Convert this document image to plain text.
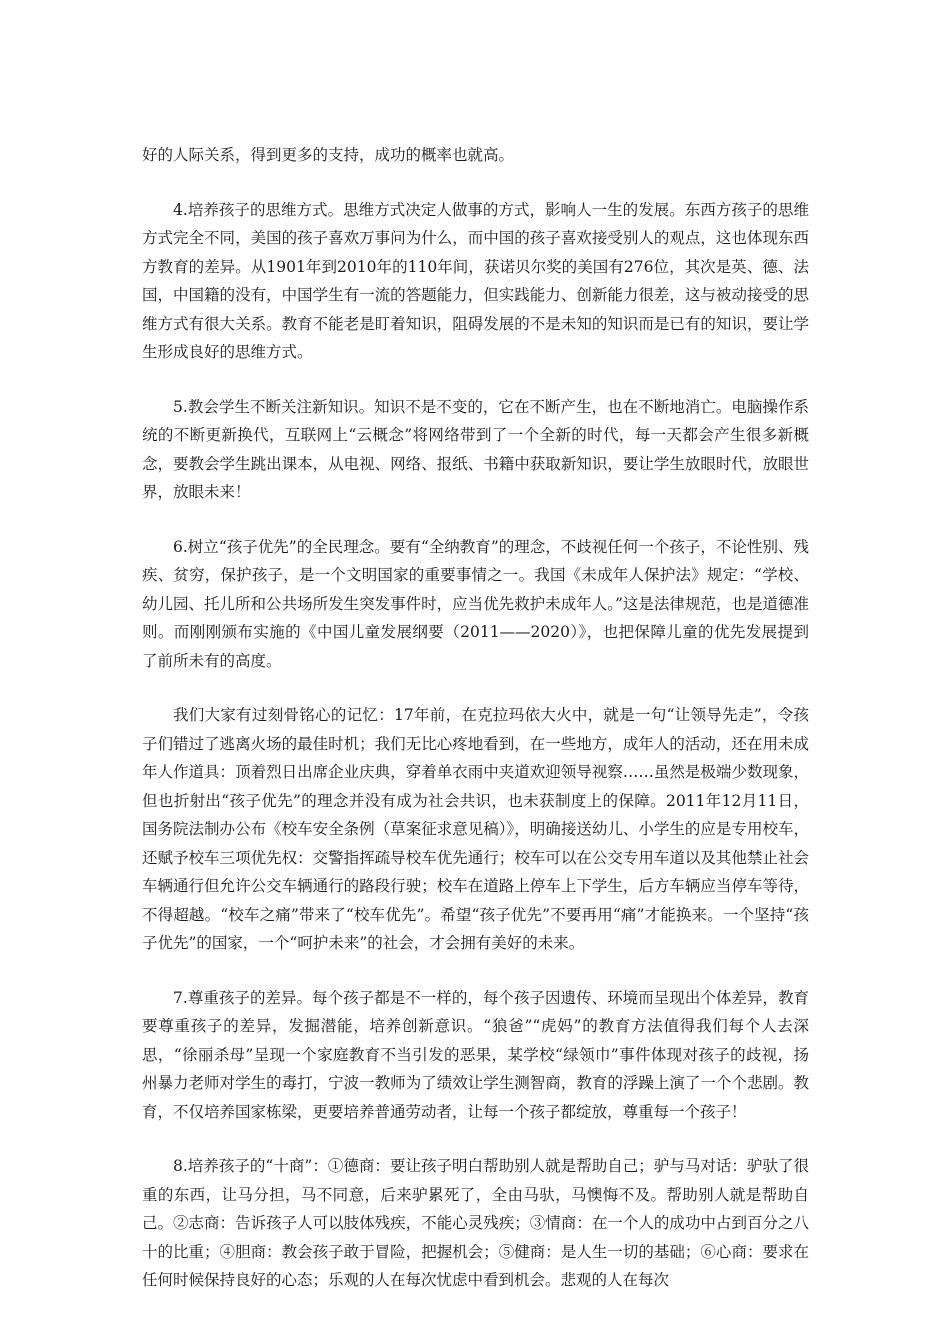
好的人际关系，得到更多的支持，成功的概率也就高。

4.培养孩子的思维方式。思维方式决定人做事的方式，影响人一生的发展。东西方孩子的思维方式完全不同，美国的孩子喜欢万事问为什么，而中国的孩子喜欢接受别人的观点，这也体现东西方教育的差异。从1901年到2010年的110年间，获诺贝尔奖的美国有276位，其次是英、德、法国，中国籍的没有，中国学生有一流的答题能力，但实践能力、创新能力很差，这与被动接受的思维方式有很大关系。教育不能老是盯着知识，阻碍发展的不是未知的知识而是已有的知识，要让学生形成良好的思维方式。

5.教会学生不断关注新知识。知识不是不变的，它在不断产生，也在不断地消亡。电脑操作系统的不断更新换代，互联网上“云概念”将网络带到了一个全新的时代，每一天都会产生很多新概念，要教会学生跳出课本，从电视、网络、报纸、书籍中获取新知识，要让学生放眼时代，放眼世界，放眼未来！

6.树立“孩子优先”的全民理念。要有“全纳教育”的理念，不歧视任何一个孩子，不论性别、残疾、贫穷，保护孩子，是一个文明国家的重要事情之一。我国《未成年人保护法》规定：“学校、幼儿园、托儿所和公共场所发生突发事件时，应当优先救护未成年人。”这是法律规范，也是道德准则。而刚刚颁布实施的《中国儿童发展纲要（2011——2020）》，也把保障儿童的优先发展提到了前所未有的高度。

我们大家有过刻骨铭心的记忆：17年前，在克拉玛依大火中，就是一句“让领导先走”，令孩子们错过了逃离火场的最佳时机；我们无比心疼地看到，在一些地方，成年人的活动，还在用未成年人作道具：顶着烈日出席企业庆典，穿着单衣雨中夹道欢迎领导视察……虽然是极端少数现象，但也折射出“孩子优先”的理念并没有成为社会共识，也未获制度上的保障。2011年12月11日，国务院法制办公布《校车安全条例（草案征求意见稿）》，明确接送幼儿、小学生的应是专用校车，还赋予校车三项优先权：交警指挥疏导校车优先通行；校车可以在公交专用车道以及其他禁止社会车辆通行但允许公交车辆通行的路段行驶；校车在道路上停车上下学生，后方车辆应当停车等待，不得超越。“校车之痛”带来了“校车优先”。希望“孩子优先”不要再用“痛”才能换来。一个坚持“孩子优先”的国家，一个“呵护未来”的社会，才会拥有美好的未来。

7.尊重孩子的差异。每个孩子都是不一样的，每个孩子因遗传、环境而呈现出个体差异，教育要尊重孩子的差异，发掘潜能，培养创新意识。“狼爸”“虎妈”的教育方法值得我们每个人去深思，“徐丽杀母”呈现一个家庭教育不当引发的恶果，某学校“绿领巾”事件体现对孩子的歧视，扬州暴力老师对学生的毒打，宁波一教师为了绩效让学生测智商，教育的浮躁上演了一个个悲剧。教育，不仅培养国家栋梁，更要培养普通劳动者，让每一个孩子都绽放，尊重每一个孩子！

8.培养孩子的“十商”：①德商：要让孩子明白帮助别人就是帮助自己；驴与马对话：驴驮了很重的东西，让马分担，马不同意，后来驴累死了，全由马驮，马懊悔不及。帮助别人就是帮助自己。②志商：告诉孩子人可以肢体残疾，不能心灵残疾；③情商：在一个人的成功中占到百分之八十的比重；④胆商：教会孩子敢于冒险，把握机会；⑤健商：是人生一切的基础；⑥心商：要求在任何时候保持良好的心态；乐观的人在每次忧虑中看到机会。悲观的人在每次
